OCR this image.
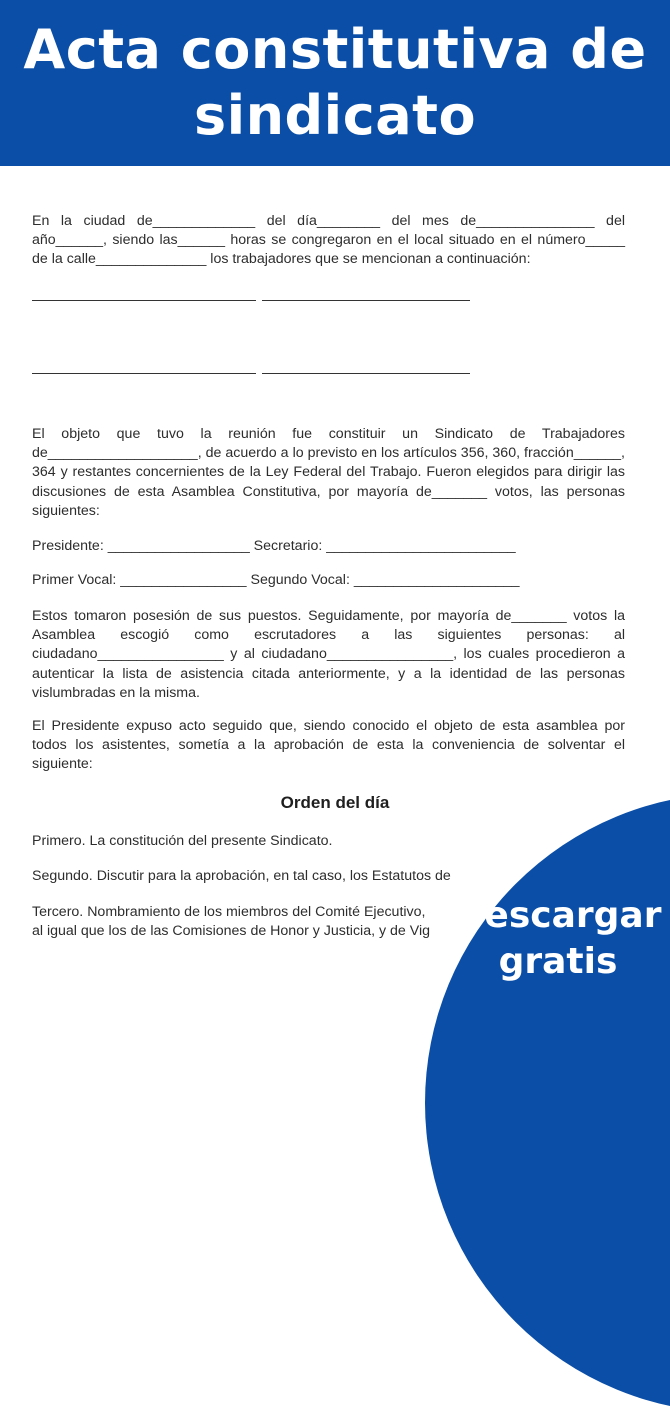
Acta constitutiva de
sindicato

En la ciudad de_____________ del día________ del mes de_______________ del año______, siendo las______ horas se congregaron en el local situado en el número_____ de la calle______________ los trabajadores que se mencionan a continuación:

El objeto que tuvo la reunión fue constituir un Sindicato de Trabajadores de___________________, de acuerdo a lo previsto en los artículos 356, 360, fracción______, 364 y restantes concernientes de la Ley Federal del Trabajo. Fueron elegidos para dirigir las discusiones de esta Asamblea Constitutiva, por mayoría de_______ votos, las personas siguientes:

Presidente: __________________ Secretario: ________________________
Primer Vocal: ________________ Segundo Vocal: _____________________

Estos tomaron posesión de sus puestos. Seguidamente, por mayoría de_______ votos la Asamblea escogió como escrutadores a las siguientes personas: al ciudadano________________ y al ciudadano________________, los cuales procedieron a autenticar la lista de asistencia citada anteriormente, y a la identidad de las personas vislumbradas en la misma.

El Presidente expuso acto seguido que, siendo conocido el objeto de esta asamblea por todos los asistentes, sometía a la aprobación de esta la conveniencia de solventar el siguiente:

Orden del día
Primero. La constitución del presente Sindicato.
Segundo. Discutir para la aprobación, en tal caso, los Estatutos de
Tercero. Nombramiento de los miembros del Comité Ejecutivo,
al igual que los de las Comisiones de Honor y Justicia, y de Vig Descargar
gratis
